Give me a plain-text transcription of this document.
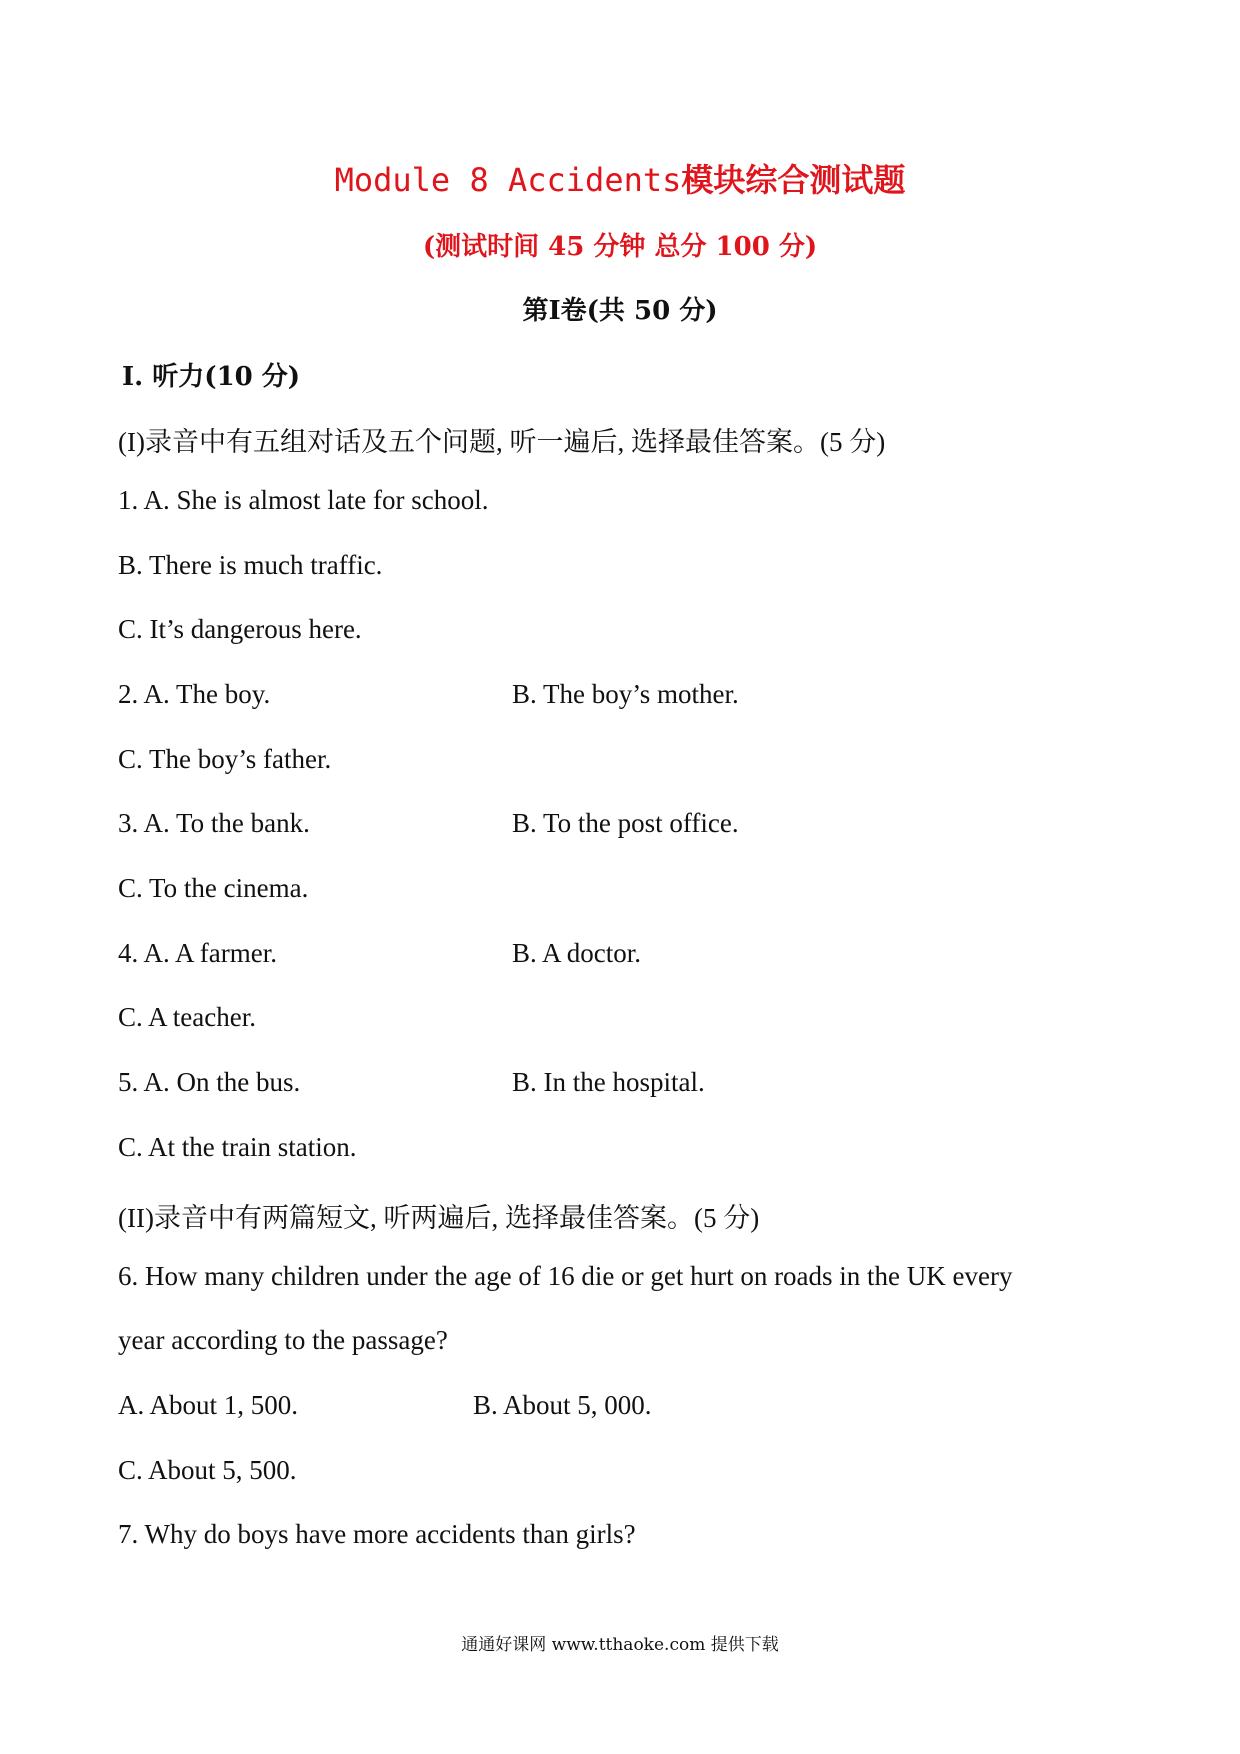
Module 8 Accidents模块综合测试题
(测试时间 45 分钟 总分 100 分)
第Ⅰ卷(共 50 分)
Ⅰ. 听力(10 分)
(I)录音中有五组对话及五个问题, 听一遍后, 选择最佳答案。(5 分)
1. A. She is almost late for school.
B. There is much traffic.
C. It’s dangerous here.
2. A. The boy.	B. The boy’s mother.
C. The boy’s father.
3. A. To the bank.	B. To the post office.
C. To the cinema.
4. A. A farmer.	B. A doctor.
C. A teacher.
5. A. On the bus.	B. In the hospital.
C. At the train station.
(II)录音中有两篇短文, 听两遍后, 选择最佳答案。(5 分)
6. How many children under the age of 16 die or get hurt on roads in the UK every
year according to the passage?
A. About 1, 500.	B. About 5, 000.
C. About 5, 500.
7. Why do boys have more accidents than girls?
通通好课网 www.tthaoke.com 提供下载
